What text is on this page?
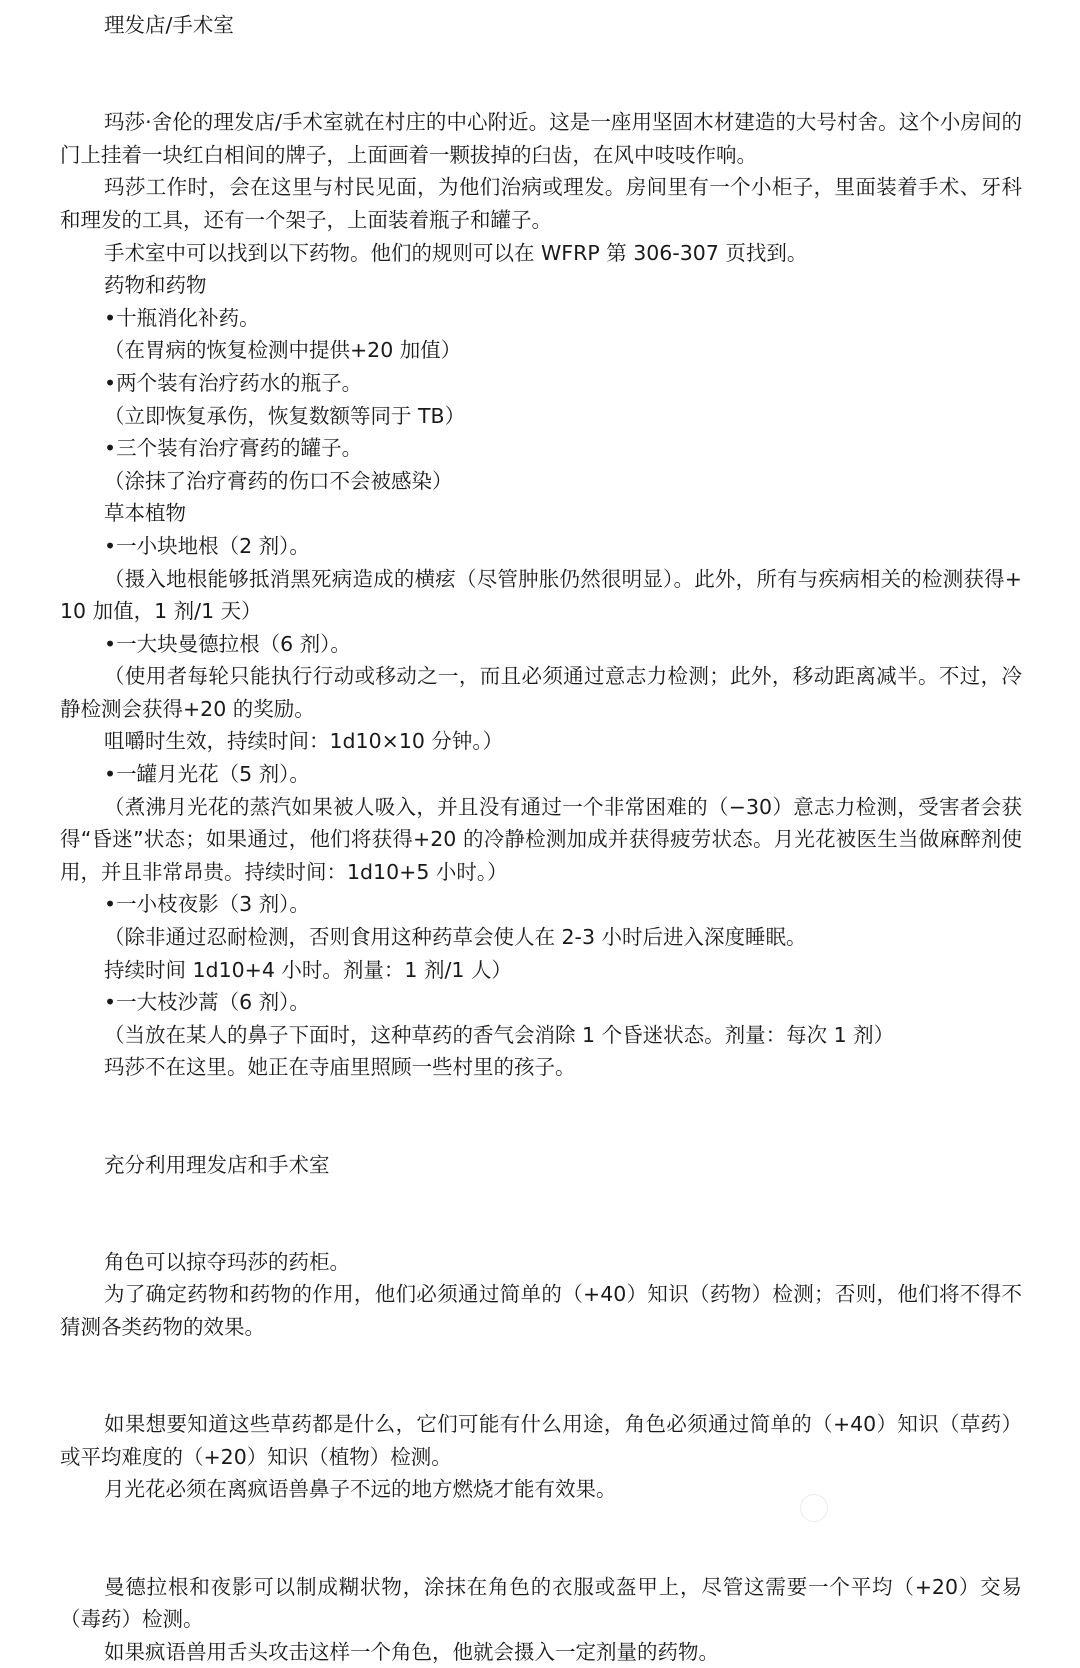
理发店/手术室

玛莎·舍伦的理发店/手术室就在村庄的中心附近。这是一座用坚固木材建造的大号村舍。这个小房间的门上挂着一块红白相间的牌子，上面画着一颗拔掉的臼齿，在风中吱吱作响。

玛莎工作时，会在这里与村民见面，为他们治病或理发。房间里有一个小柜子，里面装着手术、牙科和理发的工具，还有一个架子，上面装着瓶子和罐子。

手术室中可以找到以下药物。他们的规则可以在 WFRP 第 306-307 页找到。

药物和药物

•十瓶消化补药。

（在胃病的恢复检测中提供+20 加值）

•两个装有治疗药水的瓶子。

（立即恢复承伤，恢复数额等同于 TB）

•三个装有治疗膏药的罐子。

（涂抹了治疗膏药的伤口不会被感染）

草本植物

•一小块地根（2 剂）。

（摄入地根能够抵消黑死病造成的横痃（尽管肿胀仍然很明显）。此外，所有与疾病相关的检测获得+10 加值，1 剂/1 天）

•一大块曼德拉根（6 剂）。

（使用者每轮只能执行行动或移动之一，而且必须通过意志力检测；此外，移动距离减半。不过，冷静检测会获得+20 的奖励。

咀嚼时生效，持续时间：1d10×10 分钟。）

•一罐月光花（5 剂）。

（煮沸月光花的蒸汽如果被人吸入，并且没有通过一个非常困难的（−30）意志力检测，受害者会获得“昏迷”状态；如果通过，他们将获得+20 的冷静检测加成并获得疲劳状态。月光花被医生当做麻醉剂使用，并且非常昂贵。持续时间：1d10+5 小时。）

•一小枝夜影（3 剂）。

（除非通过忍耐检测，否则食用这种药草会使人在 2-3 小时后进入深度睡眠。

持续时间 1d10+4 小时。剂量：1 剂/1 人）

•一大枝沙蒿（6 剂）。

（当放在某人的鼻子下面时，这种草药的香气会消除 1 个昏迷状态。剂量：每次 1 剂）

玛莎不在这里。她正在寺庙里照顾一些村里的孩子。

充分利用理发店和手术室

角色可以掠夺玛莎的药柜。

为了确定药物和药物的作用，他们必须通过简单的（+40）知识（药物）检测；否则，他们将不得不猜测各类药物的效果。

如果想要知道这些草药都是什么，它们可能有什么用途，角色必须通过简单的（+40）知识（草药）或平均难度的（+20）知识（植物）检测。

月光花必须在离疯语兽鼻子不远的地方燃烧才能有效果。

曼德拉根和夜影可以制成糊状物，涂抹在角色的衣服或盔甲上，尽管这需要一个平均（+20）交易（毒药）检测。

如果疯语兽用舌头攻击这样一个角色，他就会摄入一定剂量的药物。
